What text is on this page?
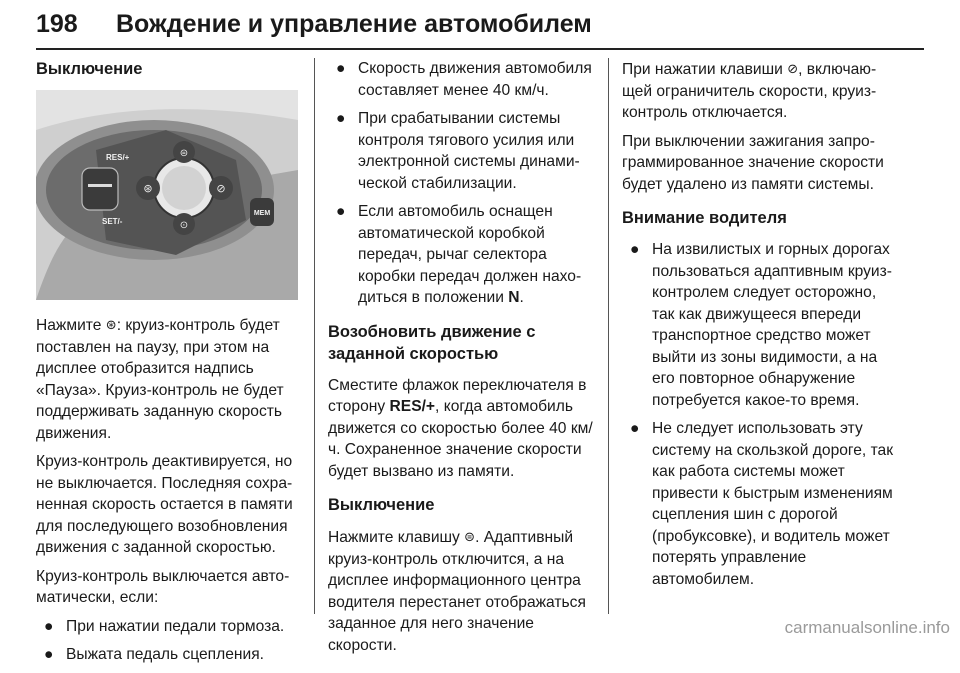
198 Вождение и управление автомобилем
Выключение
⊛	⊘
⊜
⊙
RES/+
SET/-
MEM
Нажмите ⊛: круиз-контроль будет поставлен на паузу, при этом на дисплее отобразится надпись «Пауза». Круиз-контроль не будет поддерживать заданную скорость движения.
Круиз-контроль деактивируется, но не выключается. Последняя сохраненная скорость остается в памяти для последующего возобновления движения с заданной скоростью.
Круиз-контроль выключается автоматически, если:
● При нажатии педали тормоза.
● Выжата педаль сцепления.
● Скорость движения автомобиля составляет менее 40 км/ч.
● При срабатывании системы контроля тягового усилия или электронной системы динамической стабилизации.
● Если автомобиль оснащен автоматической коробкой передач, рычаг селектора коробки передач должен находиться в положении N.
Возобновить движение с заданной скоростью
Сместите флажок переключателя в сторону RES/+, когда автомобиль движется со скоростью более 40 км/ч. Сохраненное значение скорости будет вызвано из памяти.
Выключение
Нажмите клавишу ⊜. Адаптивный круиз-контроль отключится, а на дисплее информационного центра водителя перестанет отображаться заданное для него значение скорости.
При нажатии клавиши ⊘, включающей ограничитель скорости, круиз-контроль отключается.
При выключении зажигания запрограммированное значение скорости будет удалено из памяти системы.
Внимание водителя
● На извилистых и горных дорогах пользоваться адаптивным круиз-контролем следует осторожно, так как движущееся впереди транспортное средство может выйти из зоны видимости, а на его повторное обнаружение потребуется какое-то время.
● Не следует использовать эту систему на скользкой дороге, так как работа системы может привести к быстрым изменениям сцепления шин с дорогой (пробуксовке), и водитель может потерять управление автомобилем.
carmanualsonline.info
